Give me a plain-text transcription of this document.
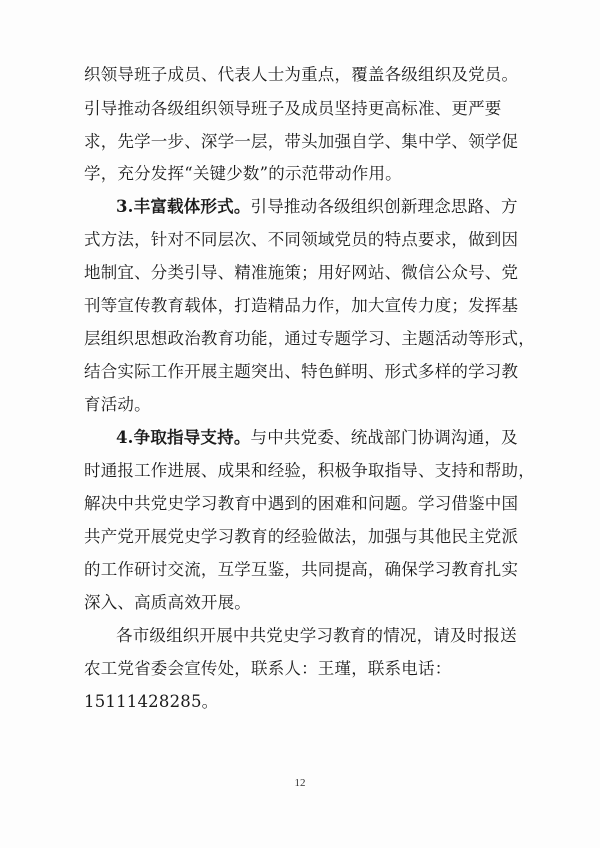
织领导班子成员、代表人士为重点，覆盖各级组织及党员。
引导推动各级组织领导班子及成员坚持更高标准、更严要
求，先学一步、深学一层，带头加强自学、集中学、领学促
学，充分发挥“关键少数”的示范带动作用。
3.丰富载体形式。引导推动各级组织创新理念思路、方
式方法，针对不同层次、不同领域党员的特点要求，做到因
地制宜、分类引导、精准施策；用好网站、微信公众号、党
刊等宣传教育载体，打造精品力作，加大宣传力度；发挥基
层组织思想政治教育功能，通过专题学习、主题活动等形式，
结合实际工作开展主题突出、特色鲜明、形式多样的学习教
育活动。
4.争取指导支持。与中共党委、统战部门协调沟通，及
时通报工作进展、成果和经验，积极争取指导、支持和帮助，
解决中共党史学习教育中遇到的困难和问题。学习借鉴中国
共产党开展党史学习教育的经验做法，加强与其他民主党派
的工作研讨交流，互学互鉴，共同提高，确保学习教育扎实
深入、高质高效开展。
各市级组织开展中共党史学习教育的情况，请及时报送
农工党省委会宣传处，联系人：王瑾，联系电话：
15111428285。
12
